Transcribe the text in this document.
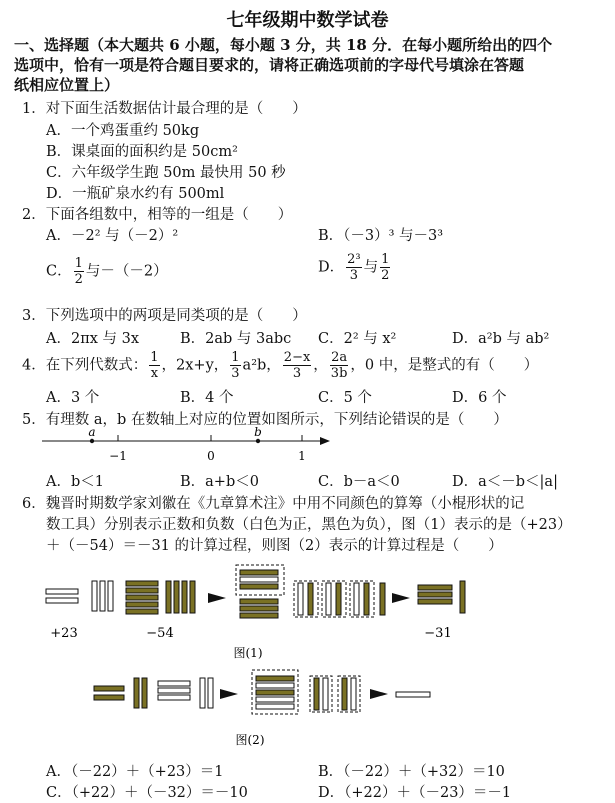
七年级期中数学试卷
一、选择题（本大题共 6 小题，每小题 3 分，共 18 分．在每小题所给出的四个
选项中，恰有一项是符合题目要求的，请将正确选项前的字母代号填涂在答题
纸相应位置上）
1．对下面生活数据估计最合理的是（　　）
A．一个鸡蛋重约 50kg
B．课桌面的面积约是 50cm²
C．六年级学生跑 50m 最快用 50 秒
D．一瓶矿泉水约有 500ml
2．下面各组数中，相等的一组是（　　）
A．－2² 与（－2）²	B．（－3）³ 与－3³
C． $\frac{1}{2}$ 与－（－2）	D． $\frac{\text{2³}}{3}$ 与 $\frac{1}{2}$
3．下列选项中的两项是同类项的是（　　）
A．2πx 与 3x	B．2ab 与 3abc C．2² 与 x²	D．a²b 与 ab²
4．在下列代数式： $\frac{1}{x}$ ，2x+y， $\frac{1}{3} a^2b$， $\frac{2-x}{3}$ ， $\frac{2a}{3b}$ ，0 中，是整式的有（　　）
A．3 个	B．4 个	C．5 个	D．6 个
5．有理数 a，b 在数轴上对应的位置如图所示，下列结论错误的是（　　）
a	b
−1	0	1
A．b＜1	B．a+b＜0	C．b－a＜0	D．a＜－b＜|a|
6．魏晋时期数学家刘徽在《九章算术注》中用不同颜色的算筹（小棍形状的记
数工具）分别表示正数和负数（白色为正，黑色为负），图（1）表示的是（+23）
＋（－54）＝－31 的计算过程，则图（2）表示的计算过程是（　　）
+23	−54	−31
图(1)
图(2)
A．（－22）＋（+23）＝1	B．（－22）＋（+32）＝10
C．（+22）＋（－32）＝－10	D．（+22）＋（－23）＝－1
